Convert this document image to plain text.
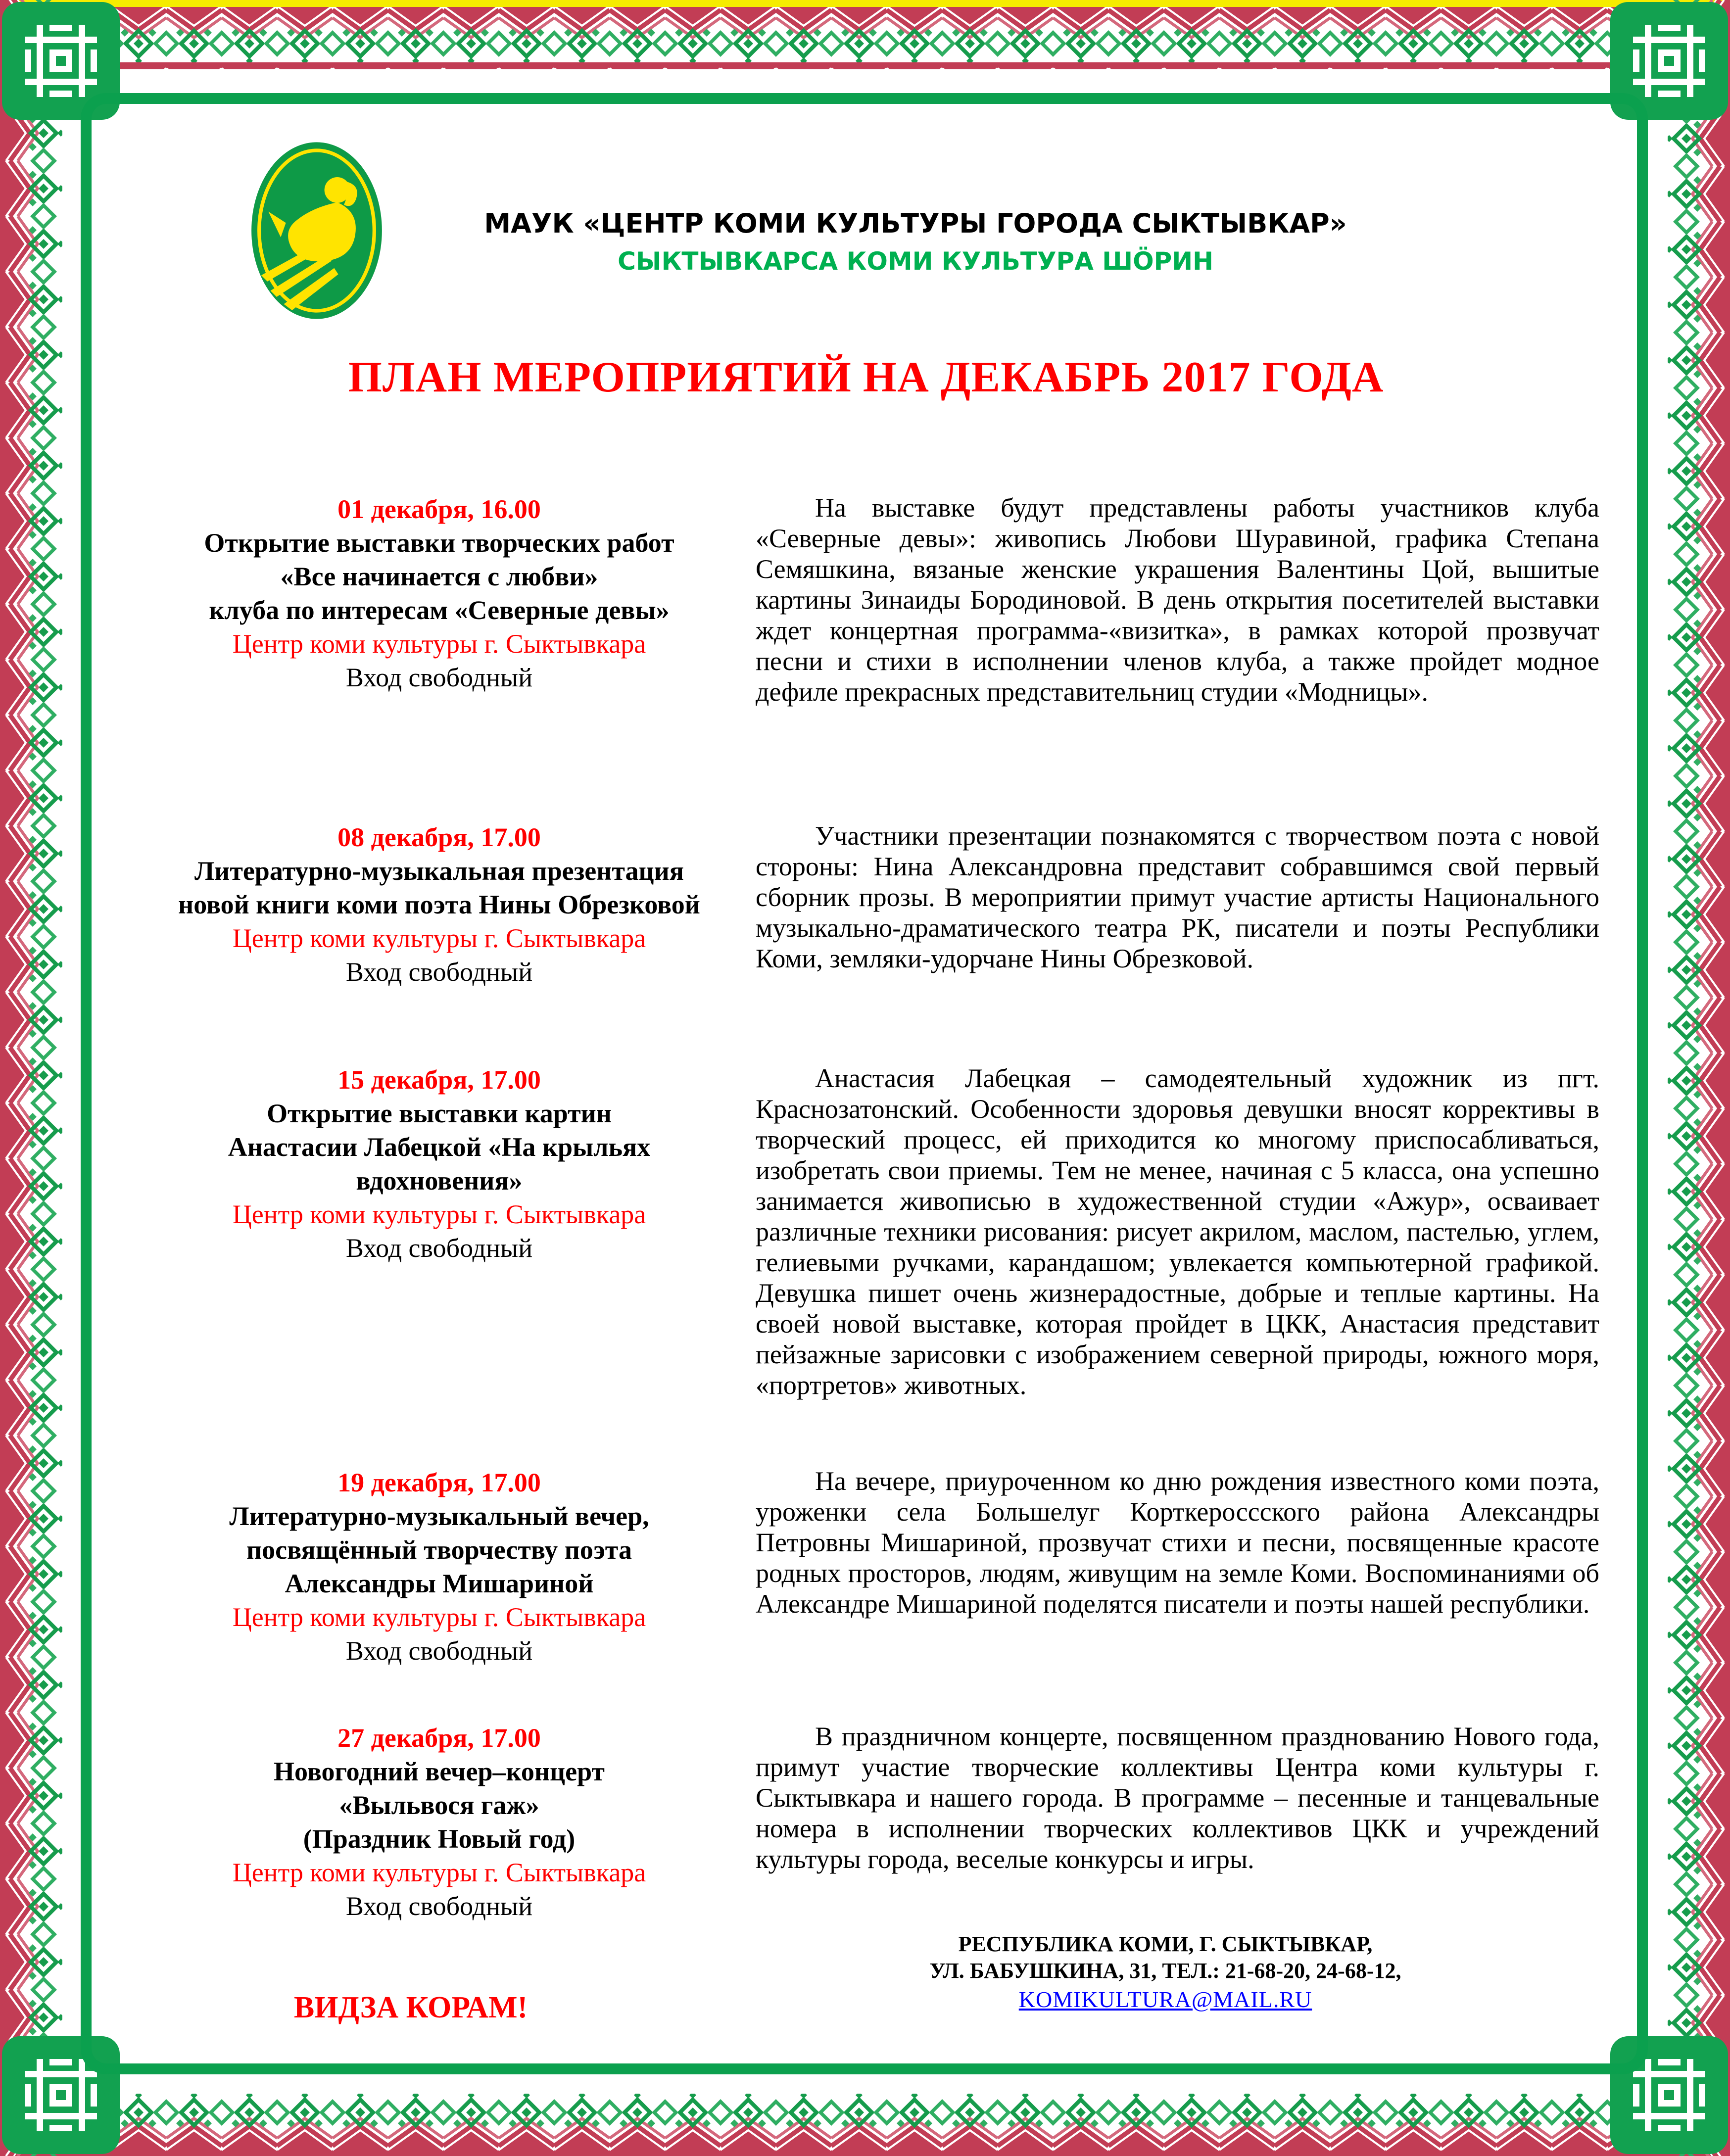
МАУК «ЦЕНТР КОМИ КУЛЬТУРЫ ГОРОДА СЫКТЫВКАР»
СЫКТЫВКАРСА КОМИ КУЛЬТУРА ШӦРИН
ПЛАН МЕРОПРИЯТИЙ НА ДЕКАБРЬ 2017 ГОДА
01 декабря, 16.00
Открытие выставки творческих работ
«Все начинается с любви»
клуба по интересам «Северные девы»
Центр коми культуры г. Сыктывкара
Вход свободный

На выставке будут представлены работы участников клуба «Северные девы»: живопись Любови Шуравиной, графика Степана Семяшкина, вязаные женские украшения Валентины Цой, вышитые картины Зинаиды Бородиновой. В день открытия посетителей выставки ждет концертная программа-«визитка», в рамках которой прозвучат песни и стихи в исполнении членов клуба, а также пройдет модное дефиле прекрасных представительниц студии «Модницы».

08 декабря, 17.00
Литературно-музыкальная презентация
новой книги коми поэта Нины Обрезковой
Центр коми культуры г. Сыктывкара
Вход свободный

Участники презентации познакомятся с творчеством поэта с новой стороны: Нина Александровна представит собравшимся свой первый сборник прозы. В мероприятии примут участие артисты Национального музыкально-драматического театра РК, писатели и поэты Республики Коми, земляки-удорчане Нины Обрезковой.

15 декабря, 17.00
Открытие выставки картин
Анастасии Лабецкой «На крыльях
вдохновения»
Центр коми культуры г. Сыктывкара
Вход свободный

Анастасия Лабецкая – самодеятельный художник из пгт. Краснозатонский. Особенности здоровья девушки вносят коррективы в творческий процесс, ей приходится ко многому приспосабливаться, изобретать свои приемы. Тем не менее, начиная с 5 класса, она успешно занимается живописью в художественной студии «Ажур», осваивает различные техники рисования: рисует акрилом, маслом, пастелью, углем, гелиевыми ручками, карандашом; увлекается компьютерной графикой. Девушка пишет очень жизнерадостные, добрые и теплые картины. На своей новой выставке, которая пройдет в ЦКК, Анастасия представит пейзажные зарисовки с изображением северной природы, южного моря, «портретов» животных.

19 декабря, 17.00
Литературно-музыкальный вечер,
посвящённый творчеству поэта
Александры Мишариной
Центр коми культуры г. Сыктывкара
Вход свободный

На вечере, приуроченном ко дню рождения известного коми поэта, уроженки села Большелуг Корткероссского района Александры Петровны Мишариной, прозвучат стихи и песни, посвященные красоте родных просторов, людям, живущим на земле Коми. Воспоминаниями об Александре Мишариной поделятся писатели и поэты нашей республики.

27 декабря, 17.00
Новогодний вечер–концерт
«Выльвося гаж»
(Праздник Новый год)
Центр коми культуры г. Сыктывкара
Вход свободный

В праздничном концерте, посвященном празднованию Нового года, примут участие творческие коллективы Центра коми культуры г. Сыктывкара и нашего города. В программе – песенные и танцевальные номера в исполнении творческих коллективов ЦКК и учреждений культуры города, веселые конкурсы и игры.

ВИДЗА КОРАМ!
РЕСПУБЛИКА КОМИ, Г. СЫКТЫВКАР,
УЛ. БАБУШКИНА, 31, ТЕЛ.: 21-68-20, 24-68-12,
KOMIKULTURA@MAIL.RU
